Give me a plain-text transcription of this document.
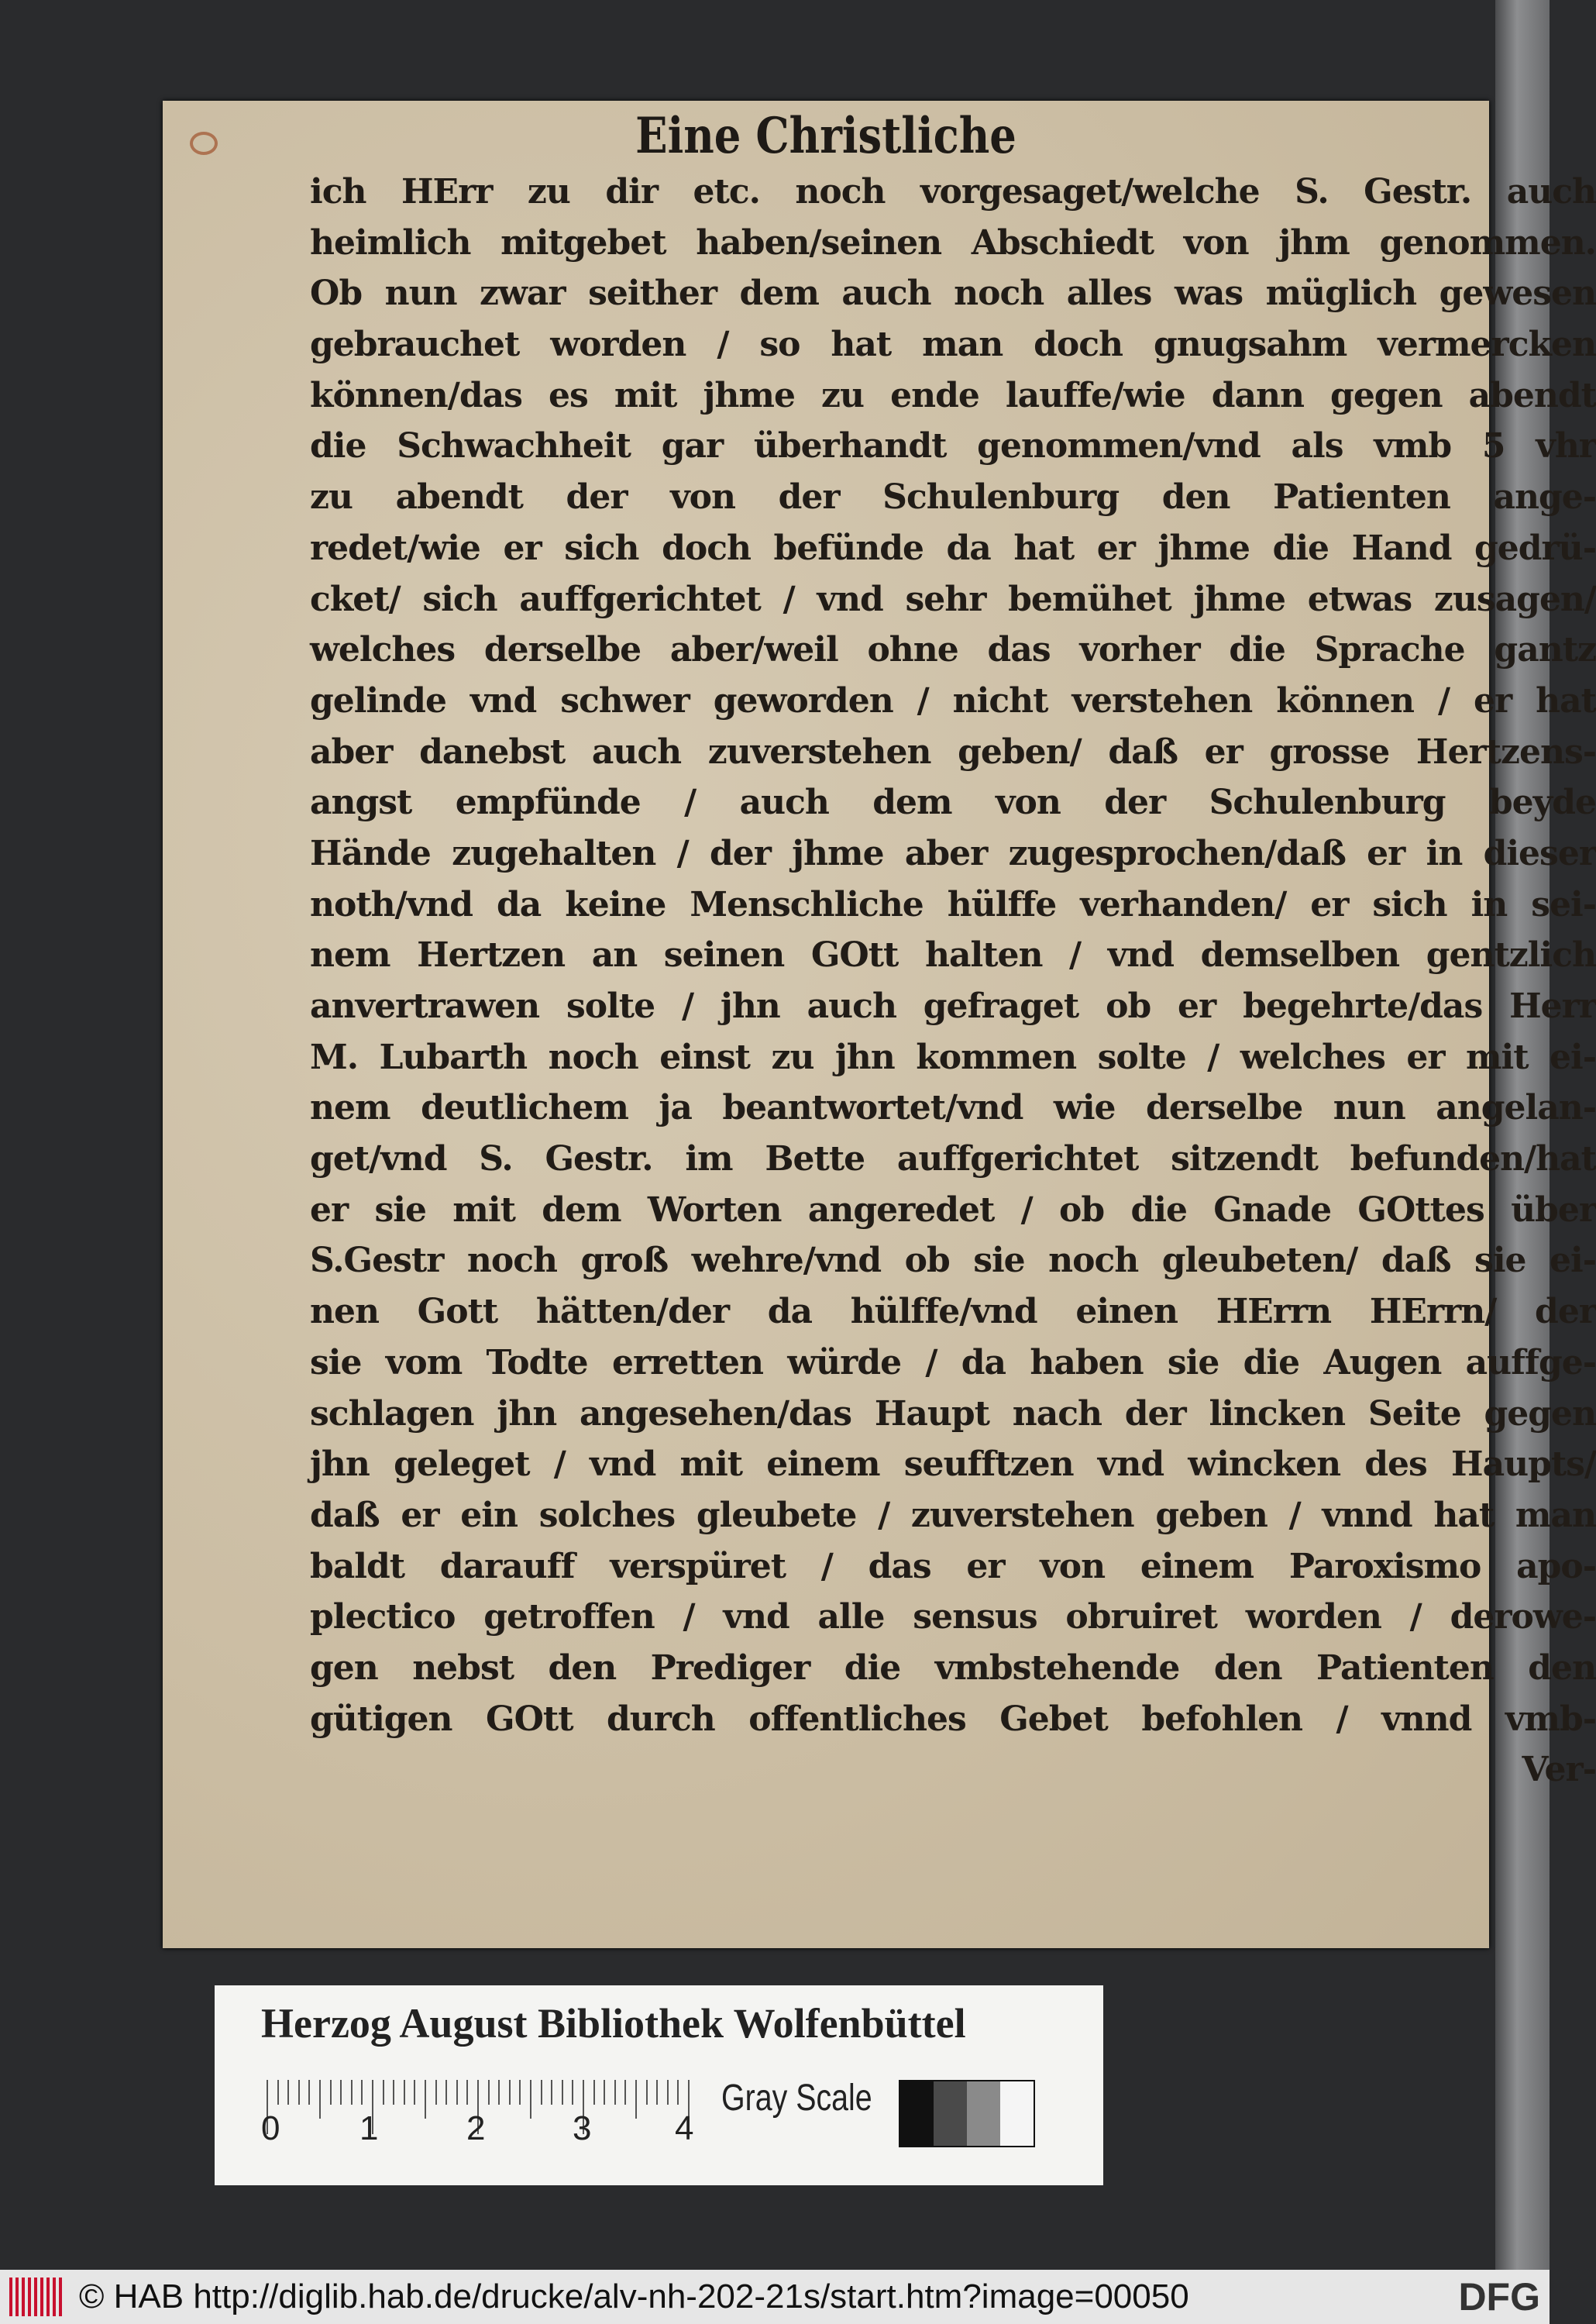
Eine Christliche
ich HErr zu dir etc. noch vorgesaget/welche S. Gestr. auch
heimlich mitgebet haben/seinen Abschiedt von jhm genommen.
Ob nun zwar seither dem auch noch alles was müglich gewesen
gebrauchet worden / so hat man doch gnugsahm vermercken
können/das es mit jhme zu ende lauffe/wie dann gegen abendt
die Schwachheit gar überhandt genommen/vnd als vmb 5 vhr
zu abendt der von der Schulenburg den Patienten ange-
redet/wie er sich doch befünde da hat er jhme die Hand gedrü-
cket/ sich auffgerichtet / vnd sehr bemühet jhme etwas zusagen/
welches derselbe aber/weil ohne das vorher die Sprache gantz
gelinde vnd schwer geworden / nicht verstehen können / er hat
aber danebst auch zuverstehen geben/ daß er grosse Hertzens-
angst empfünde / auch dem von der Schulenburg beyde
Hände zugehalten / der jhme aber zugesprochen/daß er in dieser
noth/vnd da keine Menschliche hülffe verhanden/ er sich in sei-
nem Hertzen an seinen GOtt halten / vnd demselben gentzlich
anvertrawen solte / jhn auch gefraget ob er begehrte/das Herr
M. Lubarth noch einst zu jhn kommen solte / welches er mit ei-
nem deutlichem ja beantwortet/vnd wie derselbe nun angelan-
get/vnd S. Gestr. im Bette auffgerichtet sitzendt befunden/hat
er sie mit dem Worten angeredet / ob die Gnade GOttes über
S.Gestr noch groß wehre/vnd ob sie noch gleubeten/ daß sie ei-
nen Gott hätten/der da hülffe/vnd einen HErrn HErrn/ der
sie vom Todte erretten würde / da haben sie die Augen auffge-
schlagen jhn angesehen/das Haupt nach der lincken Seite gegen
jhn geleget / vnd mit einem seufftzen vnd wincken des Haupts/
daß er ein solches gleubete / zuverstehen geben / vnnd hat man
baldt darauff verspüret / das er von einem Paroxismo apo-
plectico getroffen / vnd alle sensus obruiret worden / derowe-
gen nebst den Prediger die vmbstehende den Patienten den
gütigen GOtt durch offentliches Gebet befohlen / vnnd vmb-
Ver-
Herzog August Bibliothek Wolfenbüttel
0 1	2	3 4
Gray Scale
© HAB http://diglib.hab.de/drucke/alv-nh-202-21s/start.htm?image=00050	DFG
